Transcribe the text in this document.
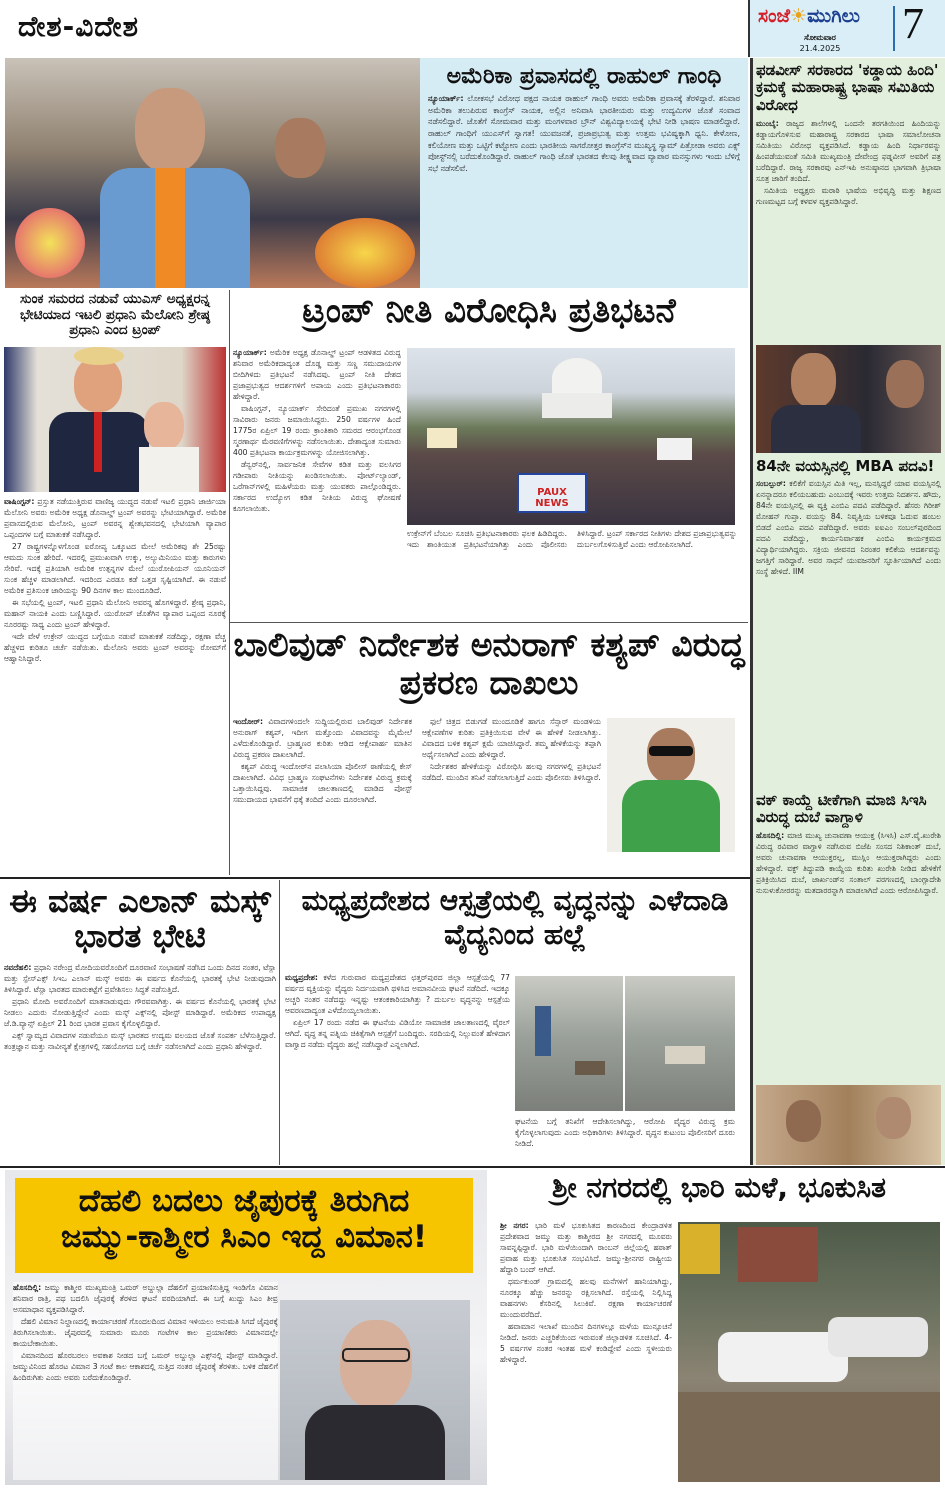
ದೇಶ-ವಿದೇಶ	ಸಂಜೆ☀ಮುಗಿಲು
ಸೋಮವಾರ
21.4.2025
7
ಅಮೆರಿಕಾ ಪ್ರವಾಸದಲ್ಲಿ ರಾಹುಲ್ ಗಾಂಧಿ

ನ್ಯೂಯಾರ್ಕ್: ಲೋಕಸಭೆ ವಿರೋಧ ಪಕ್ಷದ ನಾಯಕ ರಾಹುಲ್ ಗಾಂಧಿ ಅವರು ಅಮೆರಿಕಾ ಪ್ರವಾಸಕ್ಕೆ ತೆರಳಿದ್ದಾರೆ. ಶನಿವಾರ ಅಮೆರಿಕಾ ತಲುಪಿರುವ ಕಾಂಗ್ರೆಸ್ ನಾಯಕ, ಅಲ್ಲಿನ ಅನಿವಾಸಿ ಭಾರತೀಯರು ಮತ್ತು ಉದ್ಯಮಿಗಳ ಜೊತೆ ಸಂವಾದ ನಡೆಸಲಿದ್ದಾರೆ. ಜೊತೆಗೆ ಸೋಮವಾರ ಮತ್ತು ಮಂಗಳವಾರ ಬ್ರೌನ್ ವಿಶ್ವವಿದ್ಯಾಲಯಕ್ಕೆ ಭೇಟಿ ನೀಡಿ ಭಾಷಣ ಮಾಡಲಿದ್ದಾರೆ. ರಾಹುಲ್ ಗಾಂಧಿಗೆ ಯುಎಸ್‌ಗೆ ಸ್ವಾಗತ! ಯುವಜನತೆ, ಪ್ರಜಾಪ್ರಭುತ್ವ ಮತ್ತು ಉತ್ತಮ ಭವಿಷ್ಯಕ್ಕಾಗಿ ಧ್ವನಿ. ಕೇಳೋಣ, ಕಲಿಯೋಣ ಮತ್ತು ಒಟ್ಟಿಗೆ ಕಟ್ಟೋಣ ಎಂದು ಭಾರತೀಯ ಸಾಗರೋತ್ತರ ಕಾಂಗ್ರೆಸ್‌ನ ಮುಖ್ಯಸ್ಥ ಸ್ಯಾಮ್ ಪಿತ್ರೋಡಾ ಅವರು ಎಕ್ಸ್ ಪೋಸ್ಟ್‌ನಲ್ಲಿ ಬರೆದುಕೊಂಡಿದ್ದಾರೆ. ರಾಹುಲ್ ಗಾಂಧಿ ಜೊತೆ ಭಾರತದ ಕೆಲವು ತೀಕ್ಷ್ಣವಾದ ವ್ಯಾಪಾರ ಮನಸ್ಸುಗಳು ಇಂದು ಬೆಳಿಗ್ಗೆ ಸಭೆ ನಡೆಸಲಿವೆ.

ಫಡವೀಸ್ ಸರಕಾರದ 'ಕಡ್ಡಾಯ ಹಿಂದಿ' ಕ್ರಮಕ್ಕೆ ಮಹಾರಾಷ್ಟ್ರ ಭಾಷಾ ಸಮಿತಿಯ ವಿರೋಧ

ಮುಂಬೈ: ರಾಜ್ಯದ ಶಾಲೆಗಳಲ್ಲಿ ಒಂದನೇ ತರಗತಿಯಿಂದ ಹಿಂದಿಯನ್ನು ಕಡ್ಡಾಯಗೊಳಿಸುವ ಮಹಾರಾಷ್ಟ್ರ ಸರಕಾರದ ಭಾಷಾ ಸಮಾಲೋಚನಾ ಸಮಿತಿಯು ವಿರೋಧ ವ್ಯಕ್ತಪಡಿಸಿದೆ. ಕಡ್ಡಾಯ ಹಿಂದಿ ನಿರ್ಧಾರವನ್ನು ಹಿಂಪಡೆಯುವಂತೆ ಸಮಿತಿ ಮುಖ್ಯಮಂತ್ರಿ ದೇವೇಂದ್ರ ಫಡ್ನವೀಸ್ ಅವರಿಗೆ ಪತ್ರ ಬರೆದಿದ್ದಾರೆ. ರಾಜ್ಯ ಸರಕಾರವು ಎನ್‌ಇಪಿ ಅನುಷ್ಠಾನದ ಭಾಗವಾಗಿ ತ್ರಿಭಾಷಾ ಸೂತ್ರ ಜಾರಿಗೆ ತಂದಿದೆ.

ಸಮಿತಿಯ ಅಧ್ಯಕ್ಷರು ಮರಾಠಿ ಭಾಷೆಯ ಅಭಿವೃದ್ಧಿ ಮತ್ತು ಶಿಕ್ಷಣದ ಗುಣಮಟ್ಟದ ಬಗ್ಗೆ ಕಳವಳ ವ್ಯಕ್ತಪಡಿಸಿದ್ದಾರೆ.

84ನೇ ವಯಸ್ಸಿನಲ್ಲಿ MBA ಪದವಿ!

ಸಂಬಲ್ಪುರ್: ಕಲಿಕೆಗೆ ವಯಸ್ಸಿನ ಮಿತಿ ಇಲ್ಲ, ಮನಸ್ಸಿದ್ದರೆ ಯಾವ ವಯಸ್ಸಿನಲ್ಲಿ ಏನನ್ನಾದರೂ ಕಲಿಯಬಹುದು ಎಂಬುದಕ್ಕೆ ಇವರು ಉತ್ತಮ ನಿದರ್ಶನ. ಹೌದು, 84ನೇ ವಯಸ್ಸಿನಲ್ಲಿ ಈ ವ್ಯಕ್ತಿ ಎಂಬಿಎ ಪದವಿ ಪಡೆದಿದ್ದಾರೆ. ಹೆಸರು ಗಿರೀಶ್ ಮೋಹನ್ ಗುಪ್ತಾ. ವಯಸ್ಸು 84. ನಿವೃತ್ತಿಯ ಬಳಿಕವೂ ಓದುವ ಹಂಬಲ ಬಿಡದೆ ಎಂಬಿಎ ಪದವಿ ಪಡೆದಿದ್ದಾರೆ. ಅವರು ಐಐಎಂ ಸಂಬಲ್‌ಪುರದಿಂದ ಪದವಿ ಪಡೆದಿದ್ದು, ಕಾರ್ಯನಿರ್ವಾಹಕ ಎಂಬಿಎ ಕಾರ್ಯಕ್ರಮದ ವಿದ್ಯಾರ್ಥಿಯಾಗಿದ್ದರು. ಸಕ್ರಿಯ ಜೀವನದ ನಿರಂತರ ಕಲಿಕೆಯ ಆದರ್ಶವನ್ನು ಜಗತ್ತಿಗೆ ಸಾರಿದ್ದಾರೆ. ಅವರ ಸಾಧನೆ ಯುವಜನರಿಗೆ ಸ್ಫೂರ್ತಿಯಾಗಿದೆ ಎಂದು ಸಂಸ್ಥೆ ಹೇಳಿದೆ. IIM

ವಕ್ ಕಾಯ್ದೆ ಟೀಕೆಗಾಗಿ ಮಾಜಿ ಸಿಇಸಿ ವಿರುದ್ಧ ದುಬೆ ವಾಗ್ದಾಳಿ

ಹೊಸದಿಲ್ಲಿ: ಮಾಜಿ ಮುಖ್ಯ ಚುನಾವಣಾ ಆಯುಕ್ತ (ಸಿಇಸಿ) ಎಸ್.ವೈ.ಖುರೇಶಿ ವಿರುದ್ಧ ರವಿವಾರ ವಾಗ್ದಾಳಿ ನಡೆಸಿರುವ ಬಿಜೆಪಿ ಸಂಸದ ನಿಶಿಕಾಂತ್ ದುಬೆ, ಅವರು ಚುನಾವಣಾ ಆಯುಕ್ತರಲ್ಲ, ಮುಸ್ಲಿಂ ಆಯುಕ್ತರಾಗಿದ್ದರು ಎಂದು ಹೇಳಿದ್ದಾರೆ. ವಕ್ಫ್ ತಿದ್ದುಪಡಿ ಕಾಯ್ದೆಯ ಕುರಿತು ಖುರೇಶಿ ನೀಡಿದ ಹೇಳಿಕೆಗೆ ಪ್ರತಿಕ್ರಿಯಿಸಿದ ದುಬೆ, ಜಾರ್ಖಂಡ್‌ನ ಸಂತಾಲ್ ಪರಗಣದಲ್ಲಿ ಬಾಂಗ್ಲಾದೇಶಿ ನುಸುಳುಕೋರರನ್ನು ಮತದಾರರನ್ನಾಗಿ ಮಾಡಲಾಗಿದೆ ಎಂದು ಆರೋಪಿಸಿದ್ದಾರೆ.

ಸುಂಕ ಸಮರದ ನಡುವೆ ಯುಎಸ್ ಅಧ್ಯಕ್ಷರನ್ನ ಭೇಟಿಯಾದ ಇಟಲಿ ಪ್ರಧಾನಿ ಮೆಲೋನಿ ಶ್ರೇಷ್ಠ ಪ್ರಧಾನಿ ಎಂದ ಟ್ರಂಪ್

ವಾಷಿಂಗ್ಟನ್: ಪ್ರಸ್ತುತ ನಡೆಯುತ್ತಿರುವ ವಾಣಿಜ್ಯ ಯುದ್ಧದ ನಡುವೆ ಇಟಲಿ ಪ್ರಧಾನಿ ಜಾರ್ಜಿಯಾ ಮೆಲೋನಿ ಅವರು ಅಮೆರಿಕ ಅಧ್ಯಕ್ಷ ಡೊನಾಲ್ಡ್ ಟ್ರಂಪ್ ಅವರನ್ನು ಭೇಟಿಯಾಗಿದ್ದಾರೆ. ಅಮೆರಿಕ ಪ್ರವಾಸದಲ್ಲಿರುವ ಮೆಲೋನಿ, ಟ್ರಂಪ್ ಅವರನ್ನ ಶ್ವೇತಭವನದಲ್ಲಿ ಭೇಟಿಯಾಗಿ ವ್ಯಾಪಾರ ಒಪ್ಪಂದಗಳ ಬಗ್ಗೆ ಮಾತುಕತೆ ನಡೆಸಿದ್ದಾರೆ.

27 ರಾಷ್ಟ್ರಗಳನ್ನೊಳಗೊಂಡ ಐರೋಪ್ಯ ಒಕ್ಕೂಟದ ಮೇಲೆ ಅಮೆರಿಕವು ಶೇ 25ರಷ್ಟು ಆಮದು ಸುಂಕ ಹೇರಿದೆ. ಇದರಲ್ಲಿ ಪ್ರಮುಖವಾಗಿ ಉಕ್ಕು, ಅಲ್ಯುಮಿನಿಯಂ ಮತ್ತು ಕಾರುಗಳು ಸೇರಿವೆ. ಇದಕ್ಕೆ ಪ್ರತಿಯಾಗಿ ಅಮೆರಿಕ ಉತ್ಪನ್ನಗಳ ಮೇಲೆ ಯುರೋಪಿಯನ್ ಯೂನಿಯನ್ ಸುಂಕ ಹೆಚ್ಚಳ ಮಾಡಲಾಗಿದೆ. ಇದರಿಂದ ಎರಡೂ ಕಡೆ ಒತ್ತಡ ಸೃಷ್ಟಿಯಾಗಿದೆ. ಈ ನಡುವೆ ಅಮೆರಿಕ ಪ್ರತಿಸುಂಕ ಜಾರಿಯನ್ನು 90 ದಿನಗಳ ಕಾಲ ಮುಂದೂಡಿದೆ.

ಈ ಸಭೆಯಲ್ಲಿ ಟ್ರಂಪ್, ಇಟಲಿ ಪ್ರಧಾನಿ ಮೆಲೋನಿ ಅವರನ್ನ ಹೊಗಳಿದ್ದಾರೆ. ಶ್ರೇಷ್ಠ ಪ್ರಧಾನಿ, ಮಹಾನ್ ನಾಯಕಿ ಎಂದು ಬಣ್ಣಿಸಿದ್ದಾರೆ. ಯುರೋಪ್ ಜೊತೆಗಿನ ವ್ಯಾಪಾರ ಒಪ್ಪಂದ ನೂರಕ್ಕೆ ನೂರರಷ್ಟು ಸಾಧ್ಯ ಎಂದು ಟ್ರಂಪ್ ಹೇಳಿದ್ದಾರೆ.

ಇದೇ ವೇಳೆ ಉಕ್ರೇನ್ ಯುದ್ಧದ ಬಗ್ಗೆಯೂ ನಡುವೆ ಮಾತುಕತೆ ನಡೆದಿದ್ದು, ರಕ್ಷಣಾ ವೆಚ್ಚ ಹೆಚ್ಚಳದ ಕುರಿತೂ ಚರ್ಚೆ ನಡೆಯಿತು. ಮೆಲೋನಿ ಅವರು ಟ್ರಂಪ್ ಅವರನ್ನು ರೋಮ್‌ಗೆ ಆಹ್ವಾನಿಸಿದ್ದಾರೆ.

ಟ್ರಂಪ್ ನೀತಿ ವಿರೋಧಿಸಿ ಪ್ರತಿಭಟನೆ

ನ್ಯೂಯಾರ್ಕ್: ಅಮೆರಿಕ ಅಧ್ಯಕ್ಷ ಡೊನಾಲ್ಡ್ ಟ್ರಂಪ್ ಆಡಳಿತದ ವಿರುದ್ಧ ಶನಿವಾರ ಅಮೆರಿಕದಾದ್ಯಂತ ದೊಡ್ಡ ಮತ್ತು ಸಣ್ಣ ಸಮುದಾಯಗಳ ಬೀದಿಗಿಳಿದು ಪ್ರತಿಭಟನೆ ನಡೆಸಿದವು. ಟ್ರಂಪ್ ನೀತಿ ದೇಶದ ಪ್ರಜಾಪ್ರಭುತ್ವದ ಆದರ್ಶಗಳಿಗೆ ಅಪಾಯ ಎಂದು ಪ್ರತಿಭಟನಾಕಾರರು ಹೇಳಿದ್ದಾರೆ.

ವಾಷಿಂಗ್ಟನ್, ನ್ಯೂಯಾರ್ಕ್ ಸೇರಿದಂತೆ ಪ್ರಮುಖ ನಗರಗಳಲ್ಲಿ ಸಾವಿರಾರು ಜನರು ಜಮಾಯಿಸಿದ್ದರು. 250 ವರ್ಷಗಳ ಹಿಂದೆ 1775ರ ಏಪ್ರಿಲ್ 19 ರಂದು ಕ್ರಾಂತಿಕಾರಿ ಸಮರದ ಆರಂಭಗೊಂಡ ಸ್ಮರಣಾರ್ಥ ಮೆರವಣಿಗೆಗಳನ್ನು ನಡೆಸಲಾಯಿತು. ದೇಶಾದ್ಯಂತ ಸುಮಾರು 400 ಪ್ರತಿಭಟನಾ ಕಾರ್ಯಕ್ರಮಗಳನ್ನು ಯೋಜಿಸಲಾಗಿತ್ತು.

ಡೆನ್ವರ್‌ನಲ್ಲಿ, ಸಾರ್ವಜನಿಕ ಸೇವೆಗಳ ಕಡಿತ ಮತ್ತು ವಲಸಿಗರ ಗಡೀಪಾರು ನೀತಿಯನ್ನು ಖಂಡಿಸಲಾಯಿತು. ಪೋರ್ಟ್‌ಲ್ಯಾಂಡ್, ಒರೆಗಾನ್‌ಗಳಲ್ಲಿ ಮಹಿಳೆಯರು ಮತ್ತು ಯುವಕರು ಪಾಲ್ಗೊಂಡಿದ್ದರು. ಸರ್ಕಾರದ ಉದ್ಯೋಗ ಕಡಿತ ನೀತಿಯ ವಿರುದ್ಧ ಘೋಷಣೆ ಕೂಗಲಾಯಿತು.

PAUX NEWS

ಉಕ್ರೇನ್‌ಗೆ ಬೆಂಬಲ ಸೂಚಿಸಿ ಪ್ರತಿಭಟನಾಕಾರರು ಫಲಕ ಹಿಡಿದಿದ್ದರು. ಇದು ಶಾಂತಿಯುತ ಪ್ರತಿಭಟನೆಯಾಗಿತ್ತು ಎಂದು ಪೊಲೀಸರು ತಿಳಿಸಿದ್ದಾರೆ. ಟ್ರಂಪ್ ಸರ್ಕಾರದ ನೀತಿಗಳು ದೇಶದ ಪ್ರಜಾಪ್ರಭುತ್ವವನ್ನು ದುರ್ಬಲಗೊಳಿಸುತ್ತಿವೆ ಎಂದು ಆರೋಪಿಸಲಾಗಿದೆ.

ಬಾಲಿವುಡ್ ನಿರ್ದೇಶಕ ಅನುರಾಗ್ ಕಶ್ಯಪ್ ವಿರುದ್ಧ ಪ್ರಕರಣ ದಾಖಲು

ಇಂದೋರ್: ವಿವಾದಗಳಿಂದಲೇ ಸುದ್ದಿಯಲ್ಲಿರುವ ಬಾಲಿವುಡ್ ನಿರ್ದೇಶಕ ಅನುರಾಗ್ ಕಶ್ಯಪ್, ಇದೀಗ ಮತ್ತೊಂದು ವಿವಾದವನ್ನು ಮೈಮೇಲೆ ಎಳೆದುಕೊಂಡಿದ್ದಾರೆ. ಬ್ರಾಹ್ಮಣರ ಕುರಿತು ಆಡಿದ ಆಕ್ಷೇಪಾರ್ಹ ಮಾತಿನ ವಿರುದ್ಧ ಪ್ರಕರಣ ದಾಖಲಾಗಿದೆ.

ಕಶ್ಯಪ್ ವಿರುದ್ಧ ಇಂದೋರ್‌ನ ಪಲಾಸಿಯಾ ಪೊಲೀಸ್ ಠಾಣೆಯಲ್ಲಿ ಕೇಸ್ ದಾಖಲಾಗಿದೆ. ವಿವಿಧ ಬ್ರಾಹ್ಮಣ ಸಂಘಟನೆಗಳು ನಿರ್ದೇಶಕ ವಿರುದ್ಧ ಕ್ರಮಕ್ಕೆ ಒತ್ತಾಯಿಸಿದ್ದವು. ಸಾಮಾಜಿಕ ಜಾಲತಾಣದಲ್ಲಿ ಮಾಡಿದ ಪೋಸ್ಟ್ ಸಮುದಾಯದ ಭಾವನೆಗೆ ಧಕ್ಕೆ ತಂದಿದೆ ಎಂದು ದೂರಲಾಗಿದೆ.

ಫುಲೆ ಚಿತ್ರದ ಬಿಡುಗಡೆ ಮುಂದೂಡಿಕೆ ಹಾಗೂ ಸೆನ್ಸಾರ್ ಮಂಡಳಿಯ ಆಕ್ಷೇಪಣೆಗಳ ಕುರಿತು ಪ್ರತಿಕ್ರಿಯಿಸುವ ವೇಳೆ ಈ ಹೇಳಿಕೆ ನೀಡಲಾಗಿತ್ತು. ವಿವಾದದ ಬಳಿಕ ಕಶ್ಯಪ್ ಕ್ಷಮೆ ಯಾಚಿಸಿದ್ದಾರೆ. ತಮ್ಮ ಹೇಳಿಕೆಯನ್ನು ತಪ್ಪಾಗಿ ಅರ್ಥೈಸಲಾಗಿದೆ ಎಂದು ಹೇಳಿದ್ದಾರೆ.

ನಿರ್ದೇಶಕರ ಹೇಳಿಕೆಯನ್ನು ವಿರೋಧಿಸಿ ಹಲವು ನಗರಗಳಲ್ಲಿ ಪ್ರತಿಭಟನೆ ನಡೆದಿದೆ. ಮುಂದಿನ ತನಿಖೆ ನಡೆಸಲಾಗುತ್ತಿದೆ ಎಂದು ಪೊಲೀಸರು ತಿಳಿಸಿದ್ದಾರೆ.

ಈ ವರ್ಷ ಎಲಾನ್ ಮಸ್ಕ್ ಭಾರತ ಭೇಟಿ

ನವದೆಹಲಿ: ಪ್ರಧಾನಿ ನರೇಂದ್ರ ಮೋದಿಯವರೊಂದಿಗೆ ದೂರವಾಣಿ ಸಂಭಾಷಣೆ ನಡೆಸಿದ ಒಂದು ದಿನದ ನಂತರ, ಟೆಸ್ಲಾ ಮತ್ತು ಸ್ಪೇಸ್‌ಎಕ್ಸ್ ಸಿಇಒ ಎಲಾನ್ ಮಸ್ಕ್ ಅವರು ಈ ವರ್ಷದ ಕೊನೆಯಲ್ಲಿ ಭಾರತಕ್ಕೆ ಭೇಟಿ ನೀಡುವುದಾಗಿ ತಿಳಿಸಿದ್ದಾರೆ. ಟೆಸ್ಲಾ ಭಾರತದ ಮಾರುಕಟ್ಟೆಗೆ ಪ್ರವೇಶಿಸಲು ಸಿದ್ಧತೆ ನಡೆಸುತ್ತಿದೆ.

ಪ್ರಧಾನಿ ಮೋದಿ ಅವರೊಂದಿಗೆ ಮಾತನಾಡುವುದು ಗೌರವವಾಗಿತ್ತು. ಈ ವರ್ಷದ ಕೊನೆಯಲ್ಲಿ ಭಾರತಕ್ಕೆ ಭೇಟಿ ನೀಡಲು ಎದುರು ನೋಡುತ್ತಿದ್ದೇನೆ ಎಂದು ಮಸ್ಕ್ ಎಕ್ಸ್‌ನಲ್ಲಿ ಪೋಸ್ಟ್ ಮಾಡಿದ್ದಾರೆ. ಅಮೆರಿಕದ ಉಪಾಧ್ಯಕ್ಷ ಜೆ.ಡಿ.ವ್ಯಾನ್ಸ್ ಏಪ್ರಿಲ್ 21 ರಿಂದ ಭಾರತ ಪ್ರವಾಸ ಕೈಗೊಳ್ಳಲಿದ್ದಾರೆ.

ಎಕ್ಸ್ ಸ್ವಾಮ್ಯದ ವಿವಾದಗಳ ನಡುವೆಯೂ ಮಸ್ಕ್ ಭಾರತದ ಉದ್ಯಮ ವಲಯದ ಜೊತೆ ಸಂಪರ್ಕ ಬೆಳೆಸುತ್ತಿದ್ದಾರೆ. ತಂತ್ರಜ್ಞಾನ ಮತ್ತು ನಾವೀನ್ಯತೆ ಕ್ಷೇತ್ರಗಳಲ್ಲಿ ಸಹಯೋಗದ ಬಗ್ಗೆ ಚರ್ಚೆ ನಡೆಸಲಾಗಿದೆ ಎಂದು ಪ್ರಧಾನಿ ಹೇಳಿದ್ದಾರೆ.

ಮಧ್ಯಪ್ರದೇಶದ ಆಸ್ಪತ್ರೆಯಲ್ಲಿ ವೃದ್ಧನನ್ನು ಎಳೆದಾಡಿ ವೈದ್ಯನಿಂದ ಹಲ್ಲೆ

ಮಧ್ಯಪ್ರದೇಶ: ಕಳೆದ ಗುರುವಾರ ಮಧ್ಯಪ್ರದೇಶದ ಛತ್ತರ್‌ಪುರದ ಜಿಲ್ಲಾ ಆಸ್ಪತ್ರೆಯಲ್ಲಿ 77 ವರ್ಷದ ವ್ಯಕ್ತಿಯನ್ನು ವೈದ್ಯರು ನಿರ್ದಯವಾಗಿ ಥಳಿಸಿದ ಅಮಾನವೀಯ ಘಟನೆ ನಡೆದಿದೆ. ಇದಕ್ಕೂ ಅಚ್ಚರಿ ನಂತರ ನಡೆದದ್ದು ಇನ್ನಷ್ಟು ಆತಂಕಕಾರಿಯಾಗಿತ್ತು ? ದುರ್ಬಲ ವೃದ್ಧನನ್ನು ಆಸ್ಪತ್ರೆಯ ಆವರಣದಾದ್ಯಂತ ಎಳೆದೊಯ್ಯಲಾಯಿತು.

ಏಪ್ರಿಲ್ 17 ರಂದು ನಡೆದ ಈ ಘಟನೆಯ ವಿಡಿಯೋ ಸಾಮಾಜಿಕ ಜಾಲತಾಣದಲ್ಲಿ ವೈರಲ್ ಆಗಿದೆ. ವೃದ್ಧ ತನ್ನ ಪತ್ನಿಯ ಚಿಕಿತ್ಸೆಗಾಗಿ ಆಸ್ಪತ್ರೆಗೆ ಬಂದಿದ್ದರು. ಸರದಿಯಲ್ಲಿ ನಿಲ್ಲುವಂತೆ ಹೇಳಿದಾಗ ವಾಗ್ವಾದ ನಡೆದು ವೈದ್ಯರು ಹಲ್ಲೆ ನಡೆಸಿದ್ದಾರೆ ಎನ್ನಲಾಗಿದೆ.

ಘಟನೆಯ ಬಗ್ಗೆ ತನಿಖೆಗೆ ಆದೇಶಿಸಲಾಗಿದ್ದು, ಆರೋಪಿ ವೈದ್ಯರ ವಿರುದ್ಧ ಕ್ರಮ ಕೈಗೊಳ್ಳಲಾಗುವುದು ಎಂದು ಅಧಿಕಾರಿಗಳು ತಿಳಿಸಿದ್ದಾರೆ. ವೃದ್ಧನ ಕುಟುಂಬ ಪೊಲೀಸರಿಗೆ ದೂರು ನೀಡಿದೆ.

ದೆಹಲಿ ಬದಲು ಜೈಪುರಕ್ಕೆ ತಿರುಗಿದ
ಜಮ್ಮು-ಕಾಶ್ಮೀರ ಸಿಎಂ ಇದ್ದ ವಿಮಾನ!

ಹೊಸದಿಲ್ಲಿ: ಜಮ್ಮು ಕಾಶ್ಮೀರ ಮುಖ್ಯಮಂತ್ರಿ ಒಮರ್ ಅಬ್ದುಲ್ಲಾ ದೆಹಲಿಗೆ ಪ್ರಯಾಣಿಸುತ್ತಿದ್ದ ಇಂಡಿಗೊ ವಿಮಾನ ಶನಿವಾರ ರಾತ್ರಿ, ಪಥ ಬದಲಿಸಿ ಜೈಪುರಕ್ಕೆ ತೆರಳಿದ ಘಟನೆ ವರದಿಯಾಗಿದೆ. ಈ ಬಗ್ಗೆ ಖುದ್ದು ಸಿಎಂ ತೀವ್ರ ಅಸಮಾಧಾನ ವ್ಯಕ್ತಪಡಿಸಿದ್ದಾರೆ.

ದೆಹಲಿ ವಿಮಾನ ನಿಲ್ದಾಣದಲ್ಲಿ ಕಾರ್ಯಾಚರಣೆ ಗೊಂದಲದಿಂದ ವಿಮಾನ ಇಳಿಯಲು ಅನುಮತಿ ಸಿಗದೆ ಜೈಪುರಕ್ಕೆ ತಿರುಗಿಸಲಾಯಿತು. ಜೈಪುರದಲ್ಲಿ ಸುಮಾರು ಮೂರು ಗಂಟೆಗಳ ಕಾಲ ಪ್ರಯಾಣಿಕರು ವಿಮಾನದಲ್ಲೇ ಕಾಯಬೇಕಾಯಿತು.

ವಿಮಾನದಿಂದ ಹೊರಬರಲು ಅವಕಾಶ ನೀಡದ ಬಗ್ಗೆ ಒಮರ್ ಅಬ್ದುಲ್ಲಾ ಎಕ್ಸ್‌ನಲ್ಲಿ ಪೋಸ್ಟ್ ಮಾಡಿದ್ದಾರೆ. ಜಮ್ಮುವಿನಿಂದ ಹೊರಟ ವಿಮಾನ 3 ಗಂಟೆ ಕಾಲ ಆಕಾಶದಲ್ಲಿ ಸುತ್ತಿದ ನಂತರ ಜೈಪುರಕ್ಕೆ ತೆರಳಿತು. ಬಳಿಕ ದೆಹಲಿಗೆ ಹಿಂದಿರುಗಿತು ಎಂದು ಅವರು ಬರೆದುಕೊಂಡಿದ್ದಾರೆ.

ಶ್ರೀ ನಗರದಲ್ಲಿ ಭಾರಿ ಮಳೆ, ಭೂಕುಸಿತ

ಶ್ರೀ ನಗರ: ಭಾರಿ ಮಳೆ ಭೂಕುಸಿತದ ಕಾರಣದಿಂದ ಕೇಂದ್ರಾಡಳಿತ ಪ್ರದೇಶವಾದ ಜಮ್ಮು ಮತ್ತು ಕಾಶ್ಮೀರದ ಶ್ರೀ ನಗರದಲ್ಲಿ ಮೂವರು ಸಾವನ್ನಪ್ಪಿದ್ದಾರೆ. ಭಾರಿ ಮಳೆಯಿಂದಾಗಿ ರಾಂಬನ್ ಜಿಲ್ಲೆಯಲ್ಲಿ ಹಠಾತ್ ಪ್ರವಾಹ ಮತ್ತು ಭೂಕುಸಿತ ಸಂಭವಿಸಿದೆ. ಜಮ್ಮು-ಶ್ರೀನಗರ ರಾಷ್ಟ್ರೀಯ ಹೆದ್ದಾರಿ ಬಂದ್ ಆಗಿದೆ.

ಧರ್ಮಕುಂಡ್ ಗ್ರಾಮದಲ್ಲಿ ಹಲವು ಮನೆಗಳಿಗೆ ಹಾನಿಯಾಗಿದ್ದು, ನೂರಕ್ಕೂ ಹೆಚ್ಚು ಜನರನ್ನು ರಕ್ಷಿಸಲಾಗಿದೆ. ರಸ್ತೆಯಲ್ಲಿ ನಿಲ್ಲಿಸಿದ್ದ ವಾಹನಗಳು ಕೆಸರಿನಲ್ಲಿ ಸಿಲುಕಿವೆ. ರಕ್ಷಣಾ ಕಾರ್ಯಾಚರಣೆ ಮುಂದುವರೆದಿದೆ.

ಹವಾಮಾನ ಇಲಾಖೆ ಮುಂದಿನ ದಿನಗಳಲ್ಲೂ ಮಳೆಯ ಮುನ್ಸೂಚನೆ ನೀಡಿದೆ. ಜನರು ಎಚ್ಚರಿಕೆಯಿಂದ ಇರುವಂತೆ ಜಿಲ್ಲಾಡಳಿತ ಸೂಚಿಸಿದೆ. 4-5 ವರ್ಷಗಳ ನಂತರ ಇಂತಹ ಮಳೆ ಕಂಡಿದ್ದೇವೆ ಎಂದು ಸ್ಥಳೀಯರು ಹೇಳಿದ್ದಾರೆ.
